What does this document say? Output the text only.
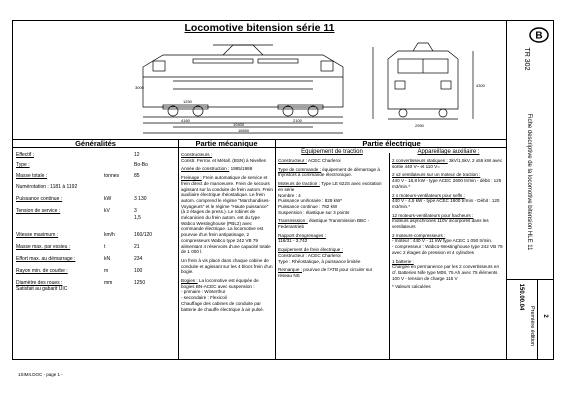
Locomotive bitension série 11
18650
10400
4160	2100
3000
1250
2950
4300
Généralités	Partie mécanique	Partie électrique
Equipement de traction	Appareillage auxiliaire :
Effectif :	12
Type :	Bo-Bo
Masse totale :	tonnes	85
Numérotation : 1181 à 1192
Puissance continue :	kW	3 130
Tension de service :	kV	3
1,5
Vitesse maximum :	km/h	160/120
Masse max. par essieu :	t	21
Effort max. au démarrage :	kN	234
Rayon min. de courbe :	m	100
Diamètre des roues :	mm	1250
Satisfait au gabarit UIC

Constructeurs :
Constr. Ferrov. et Métall. (BSN) à Nivelles

Année de construction : 1985/1986

Freinage : Frein automatique de service et frein direct de manoeuvre. Frein de secours agissant sur la conduite de frein autom. Frein auxiliaire électrique rhéostatique. Le frein autom. comprend le régime "Marchandises-Voyageurs" et le régime "Haute puissance" (à 2 étages de press.). Le robinet de mécanicien du frein autom. est du type Wabco Westinghouse (PBL2) avec commande électrique. La locomotive est pourvue d'un frein antipatinage, 2 compresseurs Wabco type 242 VB 79 alimentant 4 réservoirs d'une capacité totale de 1 000 l.

Un frein à vis placé dans chaque cabine de conduite et agissant sur les 4 blocs frein d'un bogie.

Bogies : La locomotive est équipée de bogies BN-ACEC avec suspension :
- primaire : Winterthur
- secondaire : Flexicoil
Chauffage des cabines de conduite par batterie de chauffe électrique à air pulsé.

Constructeur : ACEC Charleroi

Type de commande : équipement de démarrage à thyristors à commande électronique.

Moteurs de traction : Type LE 622S avec excitation en série
Nombre : 4
Puissance unihoraire : 828 kW*
Puissance continue : 782 kW
Suspension : élastique sur 3 points

Transmission : élastique Transmission BBC - Federantrieb

Rapport d'engrenages :
116/31 - 3,742

Equipement de frein électrique :
Constructeur : ACEC Charleroi
Type : Rhéostatique, à puissance limitée

Remarque : pourvue de l'ATB pour circuler sur réseau NS

2 convertisseurs statiques : 3kV/1,5kV, 2 x55 kW avec sortie 440 V~ et 110 V=

2 x2 ventilateurs sur un moteur de traction :
440 V - 18,8 kW - type ACEC 2600 tr/min - débit : 125 m3/min.*

2 x moteurs-ventilateurs pour selfs :
440 V - 4,5 kW - type ACEC 1600 tr/min - Débit : 120 m3/min.*

12 moteurs-ventilateurs pour hacheurs :
moteurs asynchrones 110V incorporés dans les ventilateurs

2 moteurs-compresseurs :
- moteur : 440 V - 11 kW type ACEC 1 050 tr/min.
- compresseur : Wabco-Westinghouse type 242 VB 79 avec 2 étages de pression et 4 cylindres

1 batterie :
Chargée en permanence par les 2 convertisseurs en cf. Batteries Nife type M08, 75 Ah avec 75 éléments 100 V - tension de charge 115 V

* Valeurs calculées

B
TR 302
Fiche descriptive de la locomotive bitension HLE 11
150.00.04
Première édition	2
1SIM4.DOC - page 1 -
